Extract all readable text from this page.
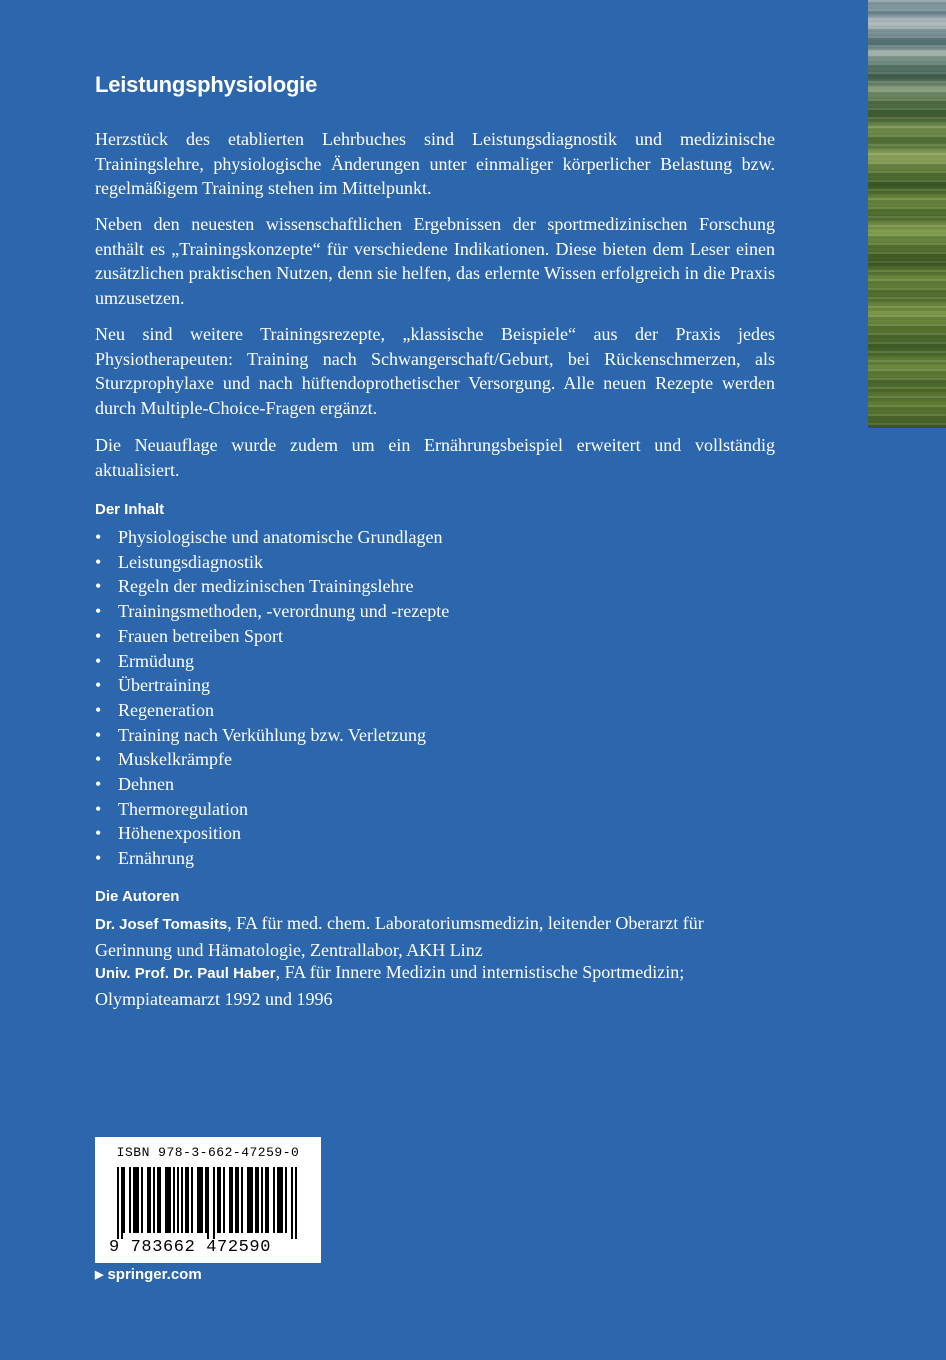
Leistungsphysiologie

Herzstück des etablierten Lehrbuches sind Leistungsdiagnostik und medizinische Trainingslehre, physiologische Änderungen unter einmaliger körperlicher Belastung bzw. regelmäßigem Training stehen im Mittelpunkt.

Neben den neuesten wissenschaftlichen Ergebnissen der sportmedizinischen Forschung enthält es „Trainingskonzepte“ für verschiedene Indikationen. Diese bieten dem Leser einen zusätzlichen praktischen Nutzen, denn sie helfen, das erlernte Wissen erfolgreich in die Praxis umzusetzen.

Neu sind weitere Trainingsrezepte, „klassische Beispiele“ aus der Praxis jedes Physiotherapeuten: Training nach Schwangerschaft/Geburt, bei Rückenschmerzen, als Sturzprophylaxe und nach hüftendoprothetischer Versorgung. Alle neuen Rezepte werden durch Multiple-Choice-Fragen ergänzt.

Die Neuauflage wurde zudem um ein Ernährungsbeispiel erweitert und vollständig aktualisiert.

Der Inhalt
• Physiologische und anatomische Grundlagen
• Leistungsdiagnostik
• Regeln der medizinischen Trainingslehre
• Trainingsmethoden, -verordnung und -rezepte
• Frauen betreiben Sport
• Ermüdung
• Übertraining
• Regeneration
• Training nach Verkühlung bzw. Verletzung
• Muskelkrämpfe
• Dehnen
• Thermoregulation
• Höhenexposition
• Ernährung
Die Autoren

Dr. Josef Tomasits, FA für med. chem. Laboratoriumsmedizin, leitender Oberarzt für Gerinnung und Hämatologie, Zentrallabor, AKH Linz

Univ. Prof. Dr. Paul Haber, FA für Innere Medizin und internistische Sportmedizin; Olympiateamarzt 1992 und 1996

ISBN 978-3-662-47259-0
9 783662 472590
▶ springer.com
